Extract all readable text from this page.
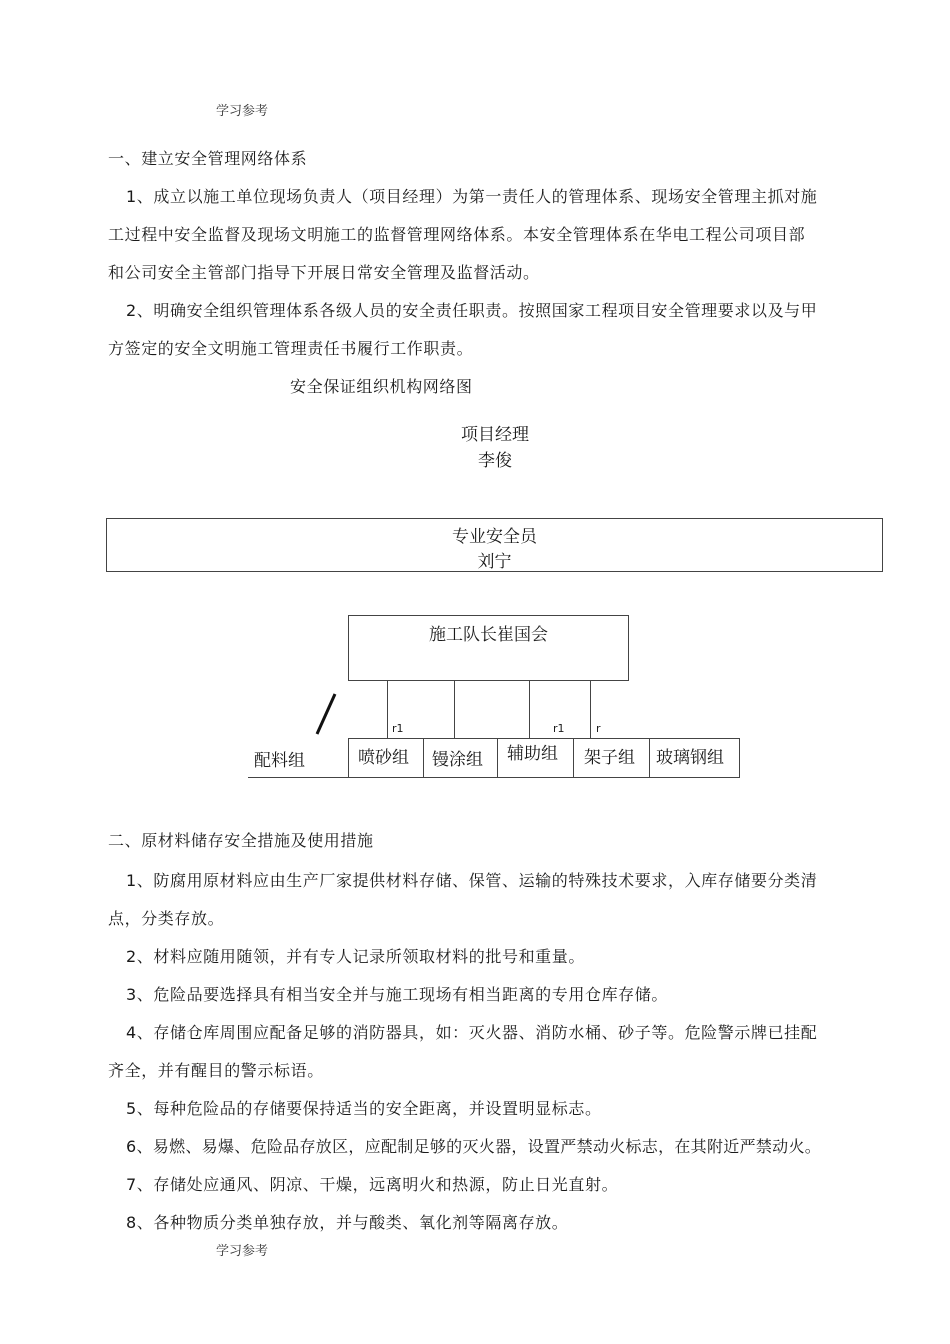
学习参考
一、建立安全管理网络体系
1、成立以施工单位现场负责人（项目经理）为第一责任人的管理体系、现场安全管理主抓对施
工过程中安全监督及现场文明施工的监督管理网络体系。本安全管理体系在华电工程公司项目部
和公司安全主管部门指导下开展日常安全管理及监督活动。
2、明确安全组织管理体系各级人员的安全责任职责。按照国家工程项目安全管理要求以及与甲
方签定的安全文明施工管理责任书履行工作职责。
安全保证组织机构网络图
项目经理
李俊
专业安全员
刘宁
施工队长崔国会
r1	r1	r
配料组	喷砂组 镘涂组 辅助组 架子组 玻璃钢组
二、原材料储存安全措施及使用措施
1、防腐用原材料应由生产厂家提供材料存储、保管、运输的特殊技术要求，入库存储要分类清
点，分类存放。
2、材料应随用随领，并有专人记录所领取材料的批号和重量。
3、危险品要选择具有相当安全并与施工现场有相当距离的专用仓库存储。
4、存储仓库周围应配备足够的消防器具，如：灭火器、消防水桶、砂子等。危险警示牌已挂配
齐全，并有醒目的警示标语。
5、每种危险品的存储要保持适当的安全距离，并设置明显标志。
6、易燃、易爆、危险品存放区，应配制足够的灭火器，设置严禁动火标志，在其附近严禁动火。
7、存储处应通风、阴凉、干燥，远离明火和热源，防止日光直射。
8、各种物质分类单独存放，并与酸类、氧化剂等隔离存放。
学习参考
